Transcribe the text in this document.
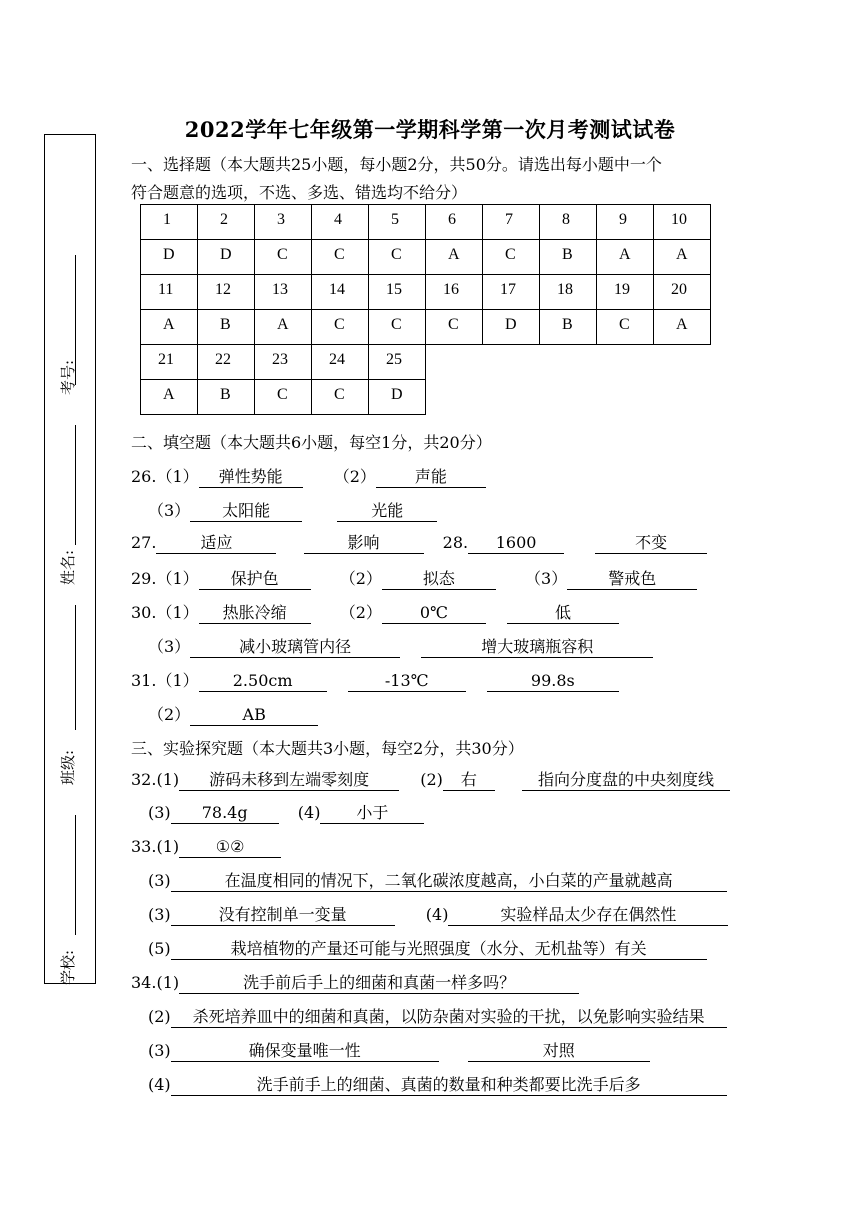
2022学年七年级第一学期科学第一次月考测试试卷
考号:
姓名:
班级:
学校:
一、选择题（本大题共25小题，每小题2分，共50分。请选出每小题中一个
符合题意的选项，不选、多选、错选均不给分）
1	2	3	4	5	6	7	8	9	10
D	D	C	C	C	A	C	B	A	A
11	12	13	14	15	16	17	18	19	20
A	B	A	C	C	C	D	B	C	A
21	22	23	24	25					
A	B	C	C	D					
二、填空题（本大题共6小题，每空1分，共20分）
26.（1） 弹性势能	（2） 声能
（3） 太阳能	光能
27.	适应	影响	28. 1600	不变
29.（1） 保护色	（2）	拟态	（3）	警戒色
30.（1） 热胀冷缩	（2） 0℃	低
（3）	减小玻璃管内径	增大玻璃瓶容积
31.（1） 2.50cm	-13℃	99.8s
（2）	AB
三、实验探究题（本大题共3小题，每空2分，共30分）
32.(1) 游码未移到左端零刻度	(2) 右	指向分度盘的中央刻度线
(3) 78.4g	(4) 小于
33.(1) ①②
(3)	在温度相同的情况下，二氧化碳浓度越高，小白菜的产量就越高
(3)	没有控制单一变量	(4)	实验样品太少存在偶然性
(5)	栽培植物的产量还可能与光照强度（水分、无机盐等）有关
34.(1)	洗手前后手上的细菌和真菌一样多吗？
(2) 杀死培养皿中的细菌和真菌，以防杂菌对实验的干扰，以免影响实验结果
(3)	确保变量唯一性	对照
(4)	洗手前手上的细菌、真菌的数量和种类都要比洗手后多
